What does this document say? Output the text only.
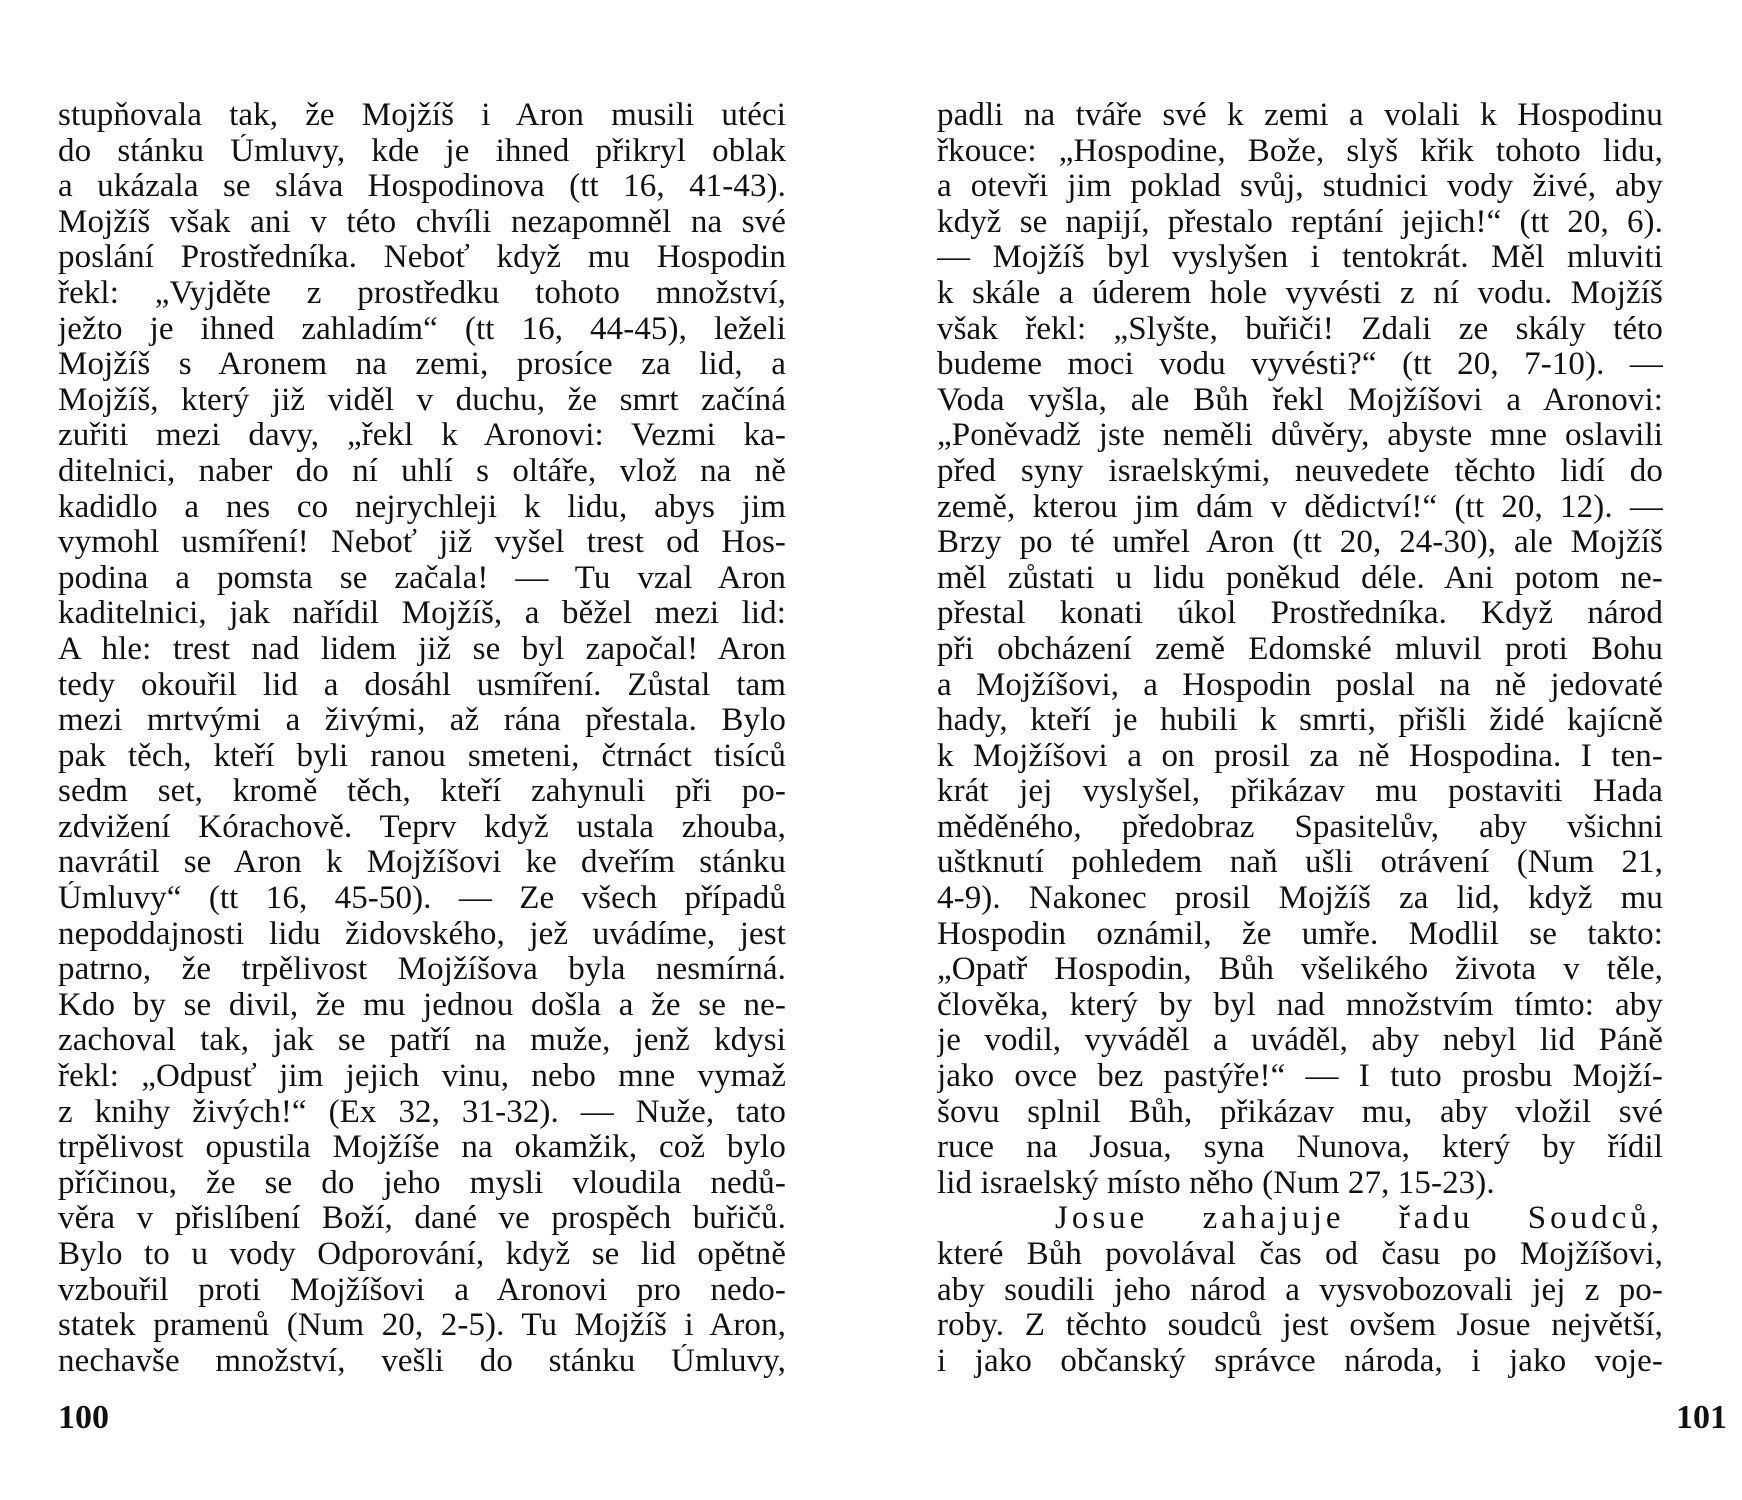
stupňovala tak, že Mojžíš i Aron musili utéci
do stánku Úmluvy, kde je ihned přikryl oblak
a ukázala se sláva Hospodinova (tt 16, 41-43).
Mojžíš však ani v této chvíli nezapomněl na své
poslání Prostředníka. Neboť když mu Hospodin
řekl: „Vyjděte z prostředku tohoto množství,
ježto je ihned zahladím“ (tt 16, 44-45), leželi
Mojžíš s Aronem na zemi, prosíce za lid, a
Mojžíš, který již viděl v duchu, že smrt začíná
zuřiti mezi davy, „řekl k Aronovi: Vezmi ka-
ditelnici, naber do ní uhlí s oltáře, vlož na ně
kadidlo a nes co nejrychleji k lidu, abys jim
vymohl usmíření! Neboť již vyšel trest od Hos-
podina a pomsta se začala! — Tu vzal Aron
kaditelnici, jak nařídil Mojžíš, a běžel mezi lid:
A hle: trest nad lidem již se byl započal! Aron
tedy okouřil lid a dosáhl usmíření. Zůstal tam
mezi mrtvými a živými, až rána přestala. Bylo
pak těch, kteří byli ranou smeteni, čtrnáct tisíců
sedm set, kromě těch, kteří zahynuli při po-
zdvižení Kórachově. Teprv když ustala zhouba,
navrátil se Aron k Mojžíšovi ke dveřím stánku
Úmluvy“ (tt 16, 45-50). — Ze všech případů
nepoddajnosti lidu židovského, jež uvádíme, jest
patrno, že trpělivost Mojžíšova byla nesmírná.
Kdo by se divil, že mu jednou došla a že se ne-
zachoval tak, jak se patří na muže, jenž kdysi
řekl: „Odpusť jim jejich vinu, nebo mne vymaž
z knihy živých!“ (Ex 32, 31-32). — Nuže, tato
trpělivost opustila Mojžíše na okamžik, což bylo
příčinou, že se do jeho mysli vloudila nedů-
věra v přislíbení Boží, dané ve prospěch buřičů.
Bylo to u vody Odporování, když se lid opětně
vzbouřil proti Mojžíšovi a Aronovi pro nedo-
statek pramenů (Num 20, 2-5). Tu Mojžíš i Aron,
nechavše množství, vešli do stánku Úmluvy,
100
padli na tváře své k zemi a volali k Hospodinu
řkouce: „Hospodine, Bože, slyš křik tohoto lidu,
a otevři jim poklad svůj, studnici vody živé, aby
když se napijí, přestalo reptání jejich!“ (tt 20, 6).
— Mojžíš byl vyslyšen i tentokrát. Měl mluviti
k skále a úderem hole vyvésti z ní vodu. Mojžíš
však řekl: „Slyšte, buřiči! Zdali ze skály této
budeme moci vodu vyvésti?“ (tt 20, 7-10). —
Voda vyšla, ale Bůh řekl Mojžíšovi a Aronovi:
„Poněvadž jste neměli důvěry, abyste mne oslavili
před syny israelskými, neuvedete těchto lidí do
země, kterou jim dám v dědictví!“ (tt 20, 12). —
Brzy po té umřel Aron (tt 20, 24-30), ale Mojžíš
měl zůstati u lidu poněkud déle. Ani potom ne-
přestal konati úkol Prostředníka. Když národ
při obcházení země Edomské mluvil proti Bohu
a Mojžíšovi, a Hospodin poslal na ně jedovaté
hady, kteří je hubili k smrti, přišli židé kajícně
k Mojžíšovi a on prosil za ně Hospodina. I ten-
krát jej vyslyšel, přikázav mu postaviti Hada
měděného, předobraz Spasitelův, aby všichni
uštknutí pohledem naň ušli otrávení (Num 21,
4-9). Nakonec prosil Mojžíš za lid, když mu
Hospodin oznámil, že umře. Modlil se takto:
„Opatř Hospodin, Bůh všelikého života v těle,
člověka, který by byl nad množstvím tímto: aby
je vodil, vyváděl a uváděl, aby nebyl lid Páně
jako ovce bez pastýře!“ — I tuto prosbu Mojží-
šovu splnil Bůh, přikázav mu, aby vložil své
ruce na Josua, syna Nunova, který by řídil
lid israelský místo něho (Num 27, 15-23).
Josue zahajuje řadu Soudců,
které Bůh povolával čas od času po Mojžíšovi,
aby soudili jeho národ a vysvobozovali jej z po-
roby. Z těchto soudců jest ovšem Josue největší,
i jako občanský správce národa, i jako voje-
101
